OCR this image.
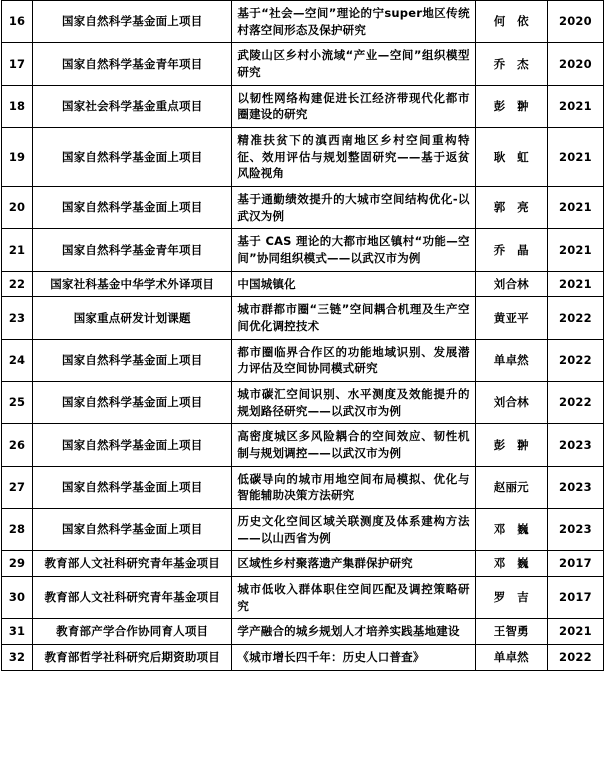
16	国家自然科学基金面上项目	基于“社会—空间”理论的宁super地区传统村落空间形态及保护研究	何　依	2020
17	国家自然科学基金青年项目	武陵山区乡村小流域“产业—空间”组织模型研究	乔　杰	2020
18	国家社会科学基金重点项目	以韧性网络构建促进长江经济带现代化都市圈建设的研究	彭　翀	2021
19	国家自然科学基金面上项目	精准扶贫下的滇西南地区乡村空间重构特征、效用评估与规划整固研究——基于返贫风险视角	耿　虹	2021
20	国家自然科学基金面上项目	基于通勤绩效提升的大城市空间结构优化-以武汉为例	郭　亮	2021
21	国家自然科学基金青年项目	基于 CAS 理论的大都市地区镇村“功能—空间”协同组织模式——以武汉市为例	乔　晶	2021
22	国家社科基金中华学术外译项目	中国城镇化	刘合林	2021
23	国家重点研发计划课题	城市群都市圈“三链”空间耦合机理及生产空间优化调控技术	黄亚平	2022
24	国家自然科学基金面上项目	都市圈临界合作区的功能地域识别、发展潜力评估及空间协同模式研究	单卓然	2022
25	国家自然科学基金面上项目	城市碳汇空间识别、水平测度及效能提升的规划路径研究——以武汉市为例	刘合林	2022
26	国家自然科学基金面上项目	高密度城区多风险耦合的空间效应、韧性机制与规划调控——以武汉市为例	彭　翀	2023
27	国家自然科学基金面上项目	低碳导向的城市用地空间布局模拟、优化与智能辅助决策方法研究	赵丽元	2023
28	国家自然科学基金面上项目	历史文化空间区域关联测度及体系建构方法——以山西省为例	邓　巍	2023
29	教育部人文社科研究青年基金项目	区域性乡村聚落遗产集群保护研究	邓　巍	2017
30	教育部人文社科研究青年基金项目	城市低收入群体职住空间匹配及调控策略研究	罗　吉	2017
31	教育部产学合作协同育人项目	学产融合的城乡规划人才培养实践基地建设	王智勇	2021
32	教育部哲学社科研究后期资助项目	《城市增长四千年：历史人口普查》	单卓然	2022
